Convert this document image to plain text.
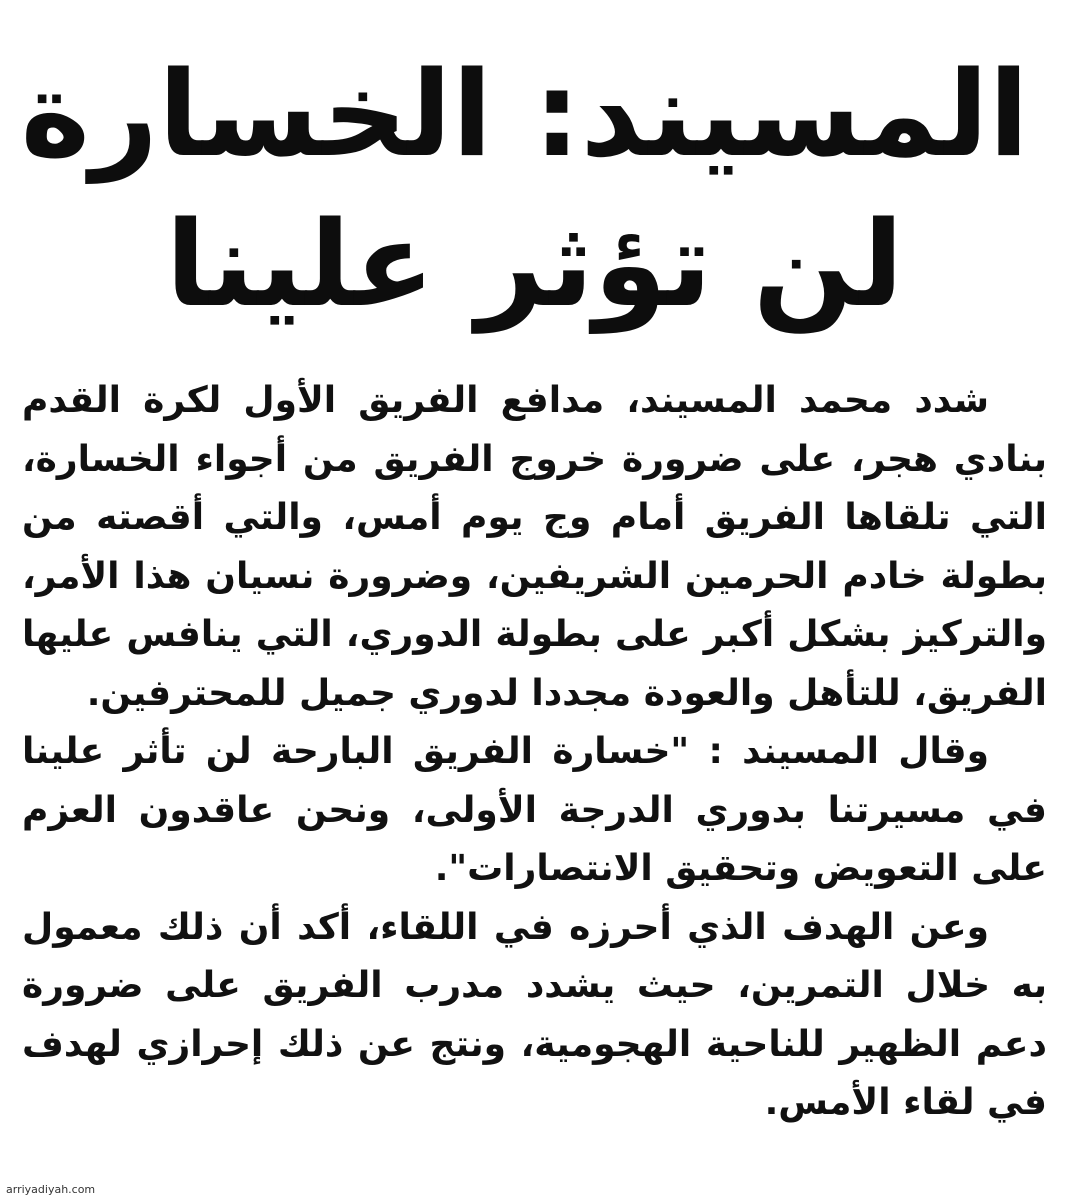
المسيند: الخسارة
لن تؤثر علينا

شدد محمد المسيند، مدافع الفريق الأول لكرة القدم بنادي هجر، على ضرورة خروج الفريق من أجواء الخسارة، التي تلقاها الفريق أمام وج يوم أمس، والتي أقصته من بطولة خادم الحرمين الشريفين، وضرورة نسيان هذا الأمر، والتركيز بشكل أكبر على بطولة الدوري، التي ينافس عليها الفريق، للتأهل والعودة مجددا لدوري جميل للمحترفين.

وقال المسيند : "خسارة الفريق البارحة لن تأثر علينا في مسيرتنا بدوري الدرجة الأولى، ونحن عاقدون العزم على التعويض وتحقيق الانتصارات".

وعن الهدف الذي أحرزه في اللقاء، أكد أن ذلك معمول به خلال التمرين، حيث يشدد مدرب الفريق على ضرورة دعم الظهير للناحية الهجومية، ونتج عن ذلك إحرازي لهدف في لقاء الأمس.

arriyadiyah.com
